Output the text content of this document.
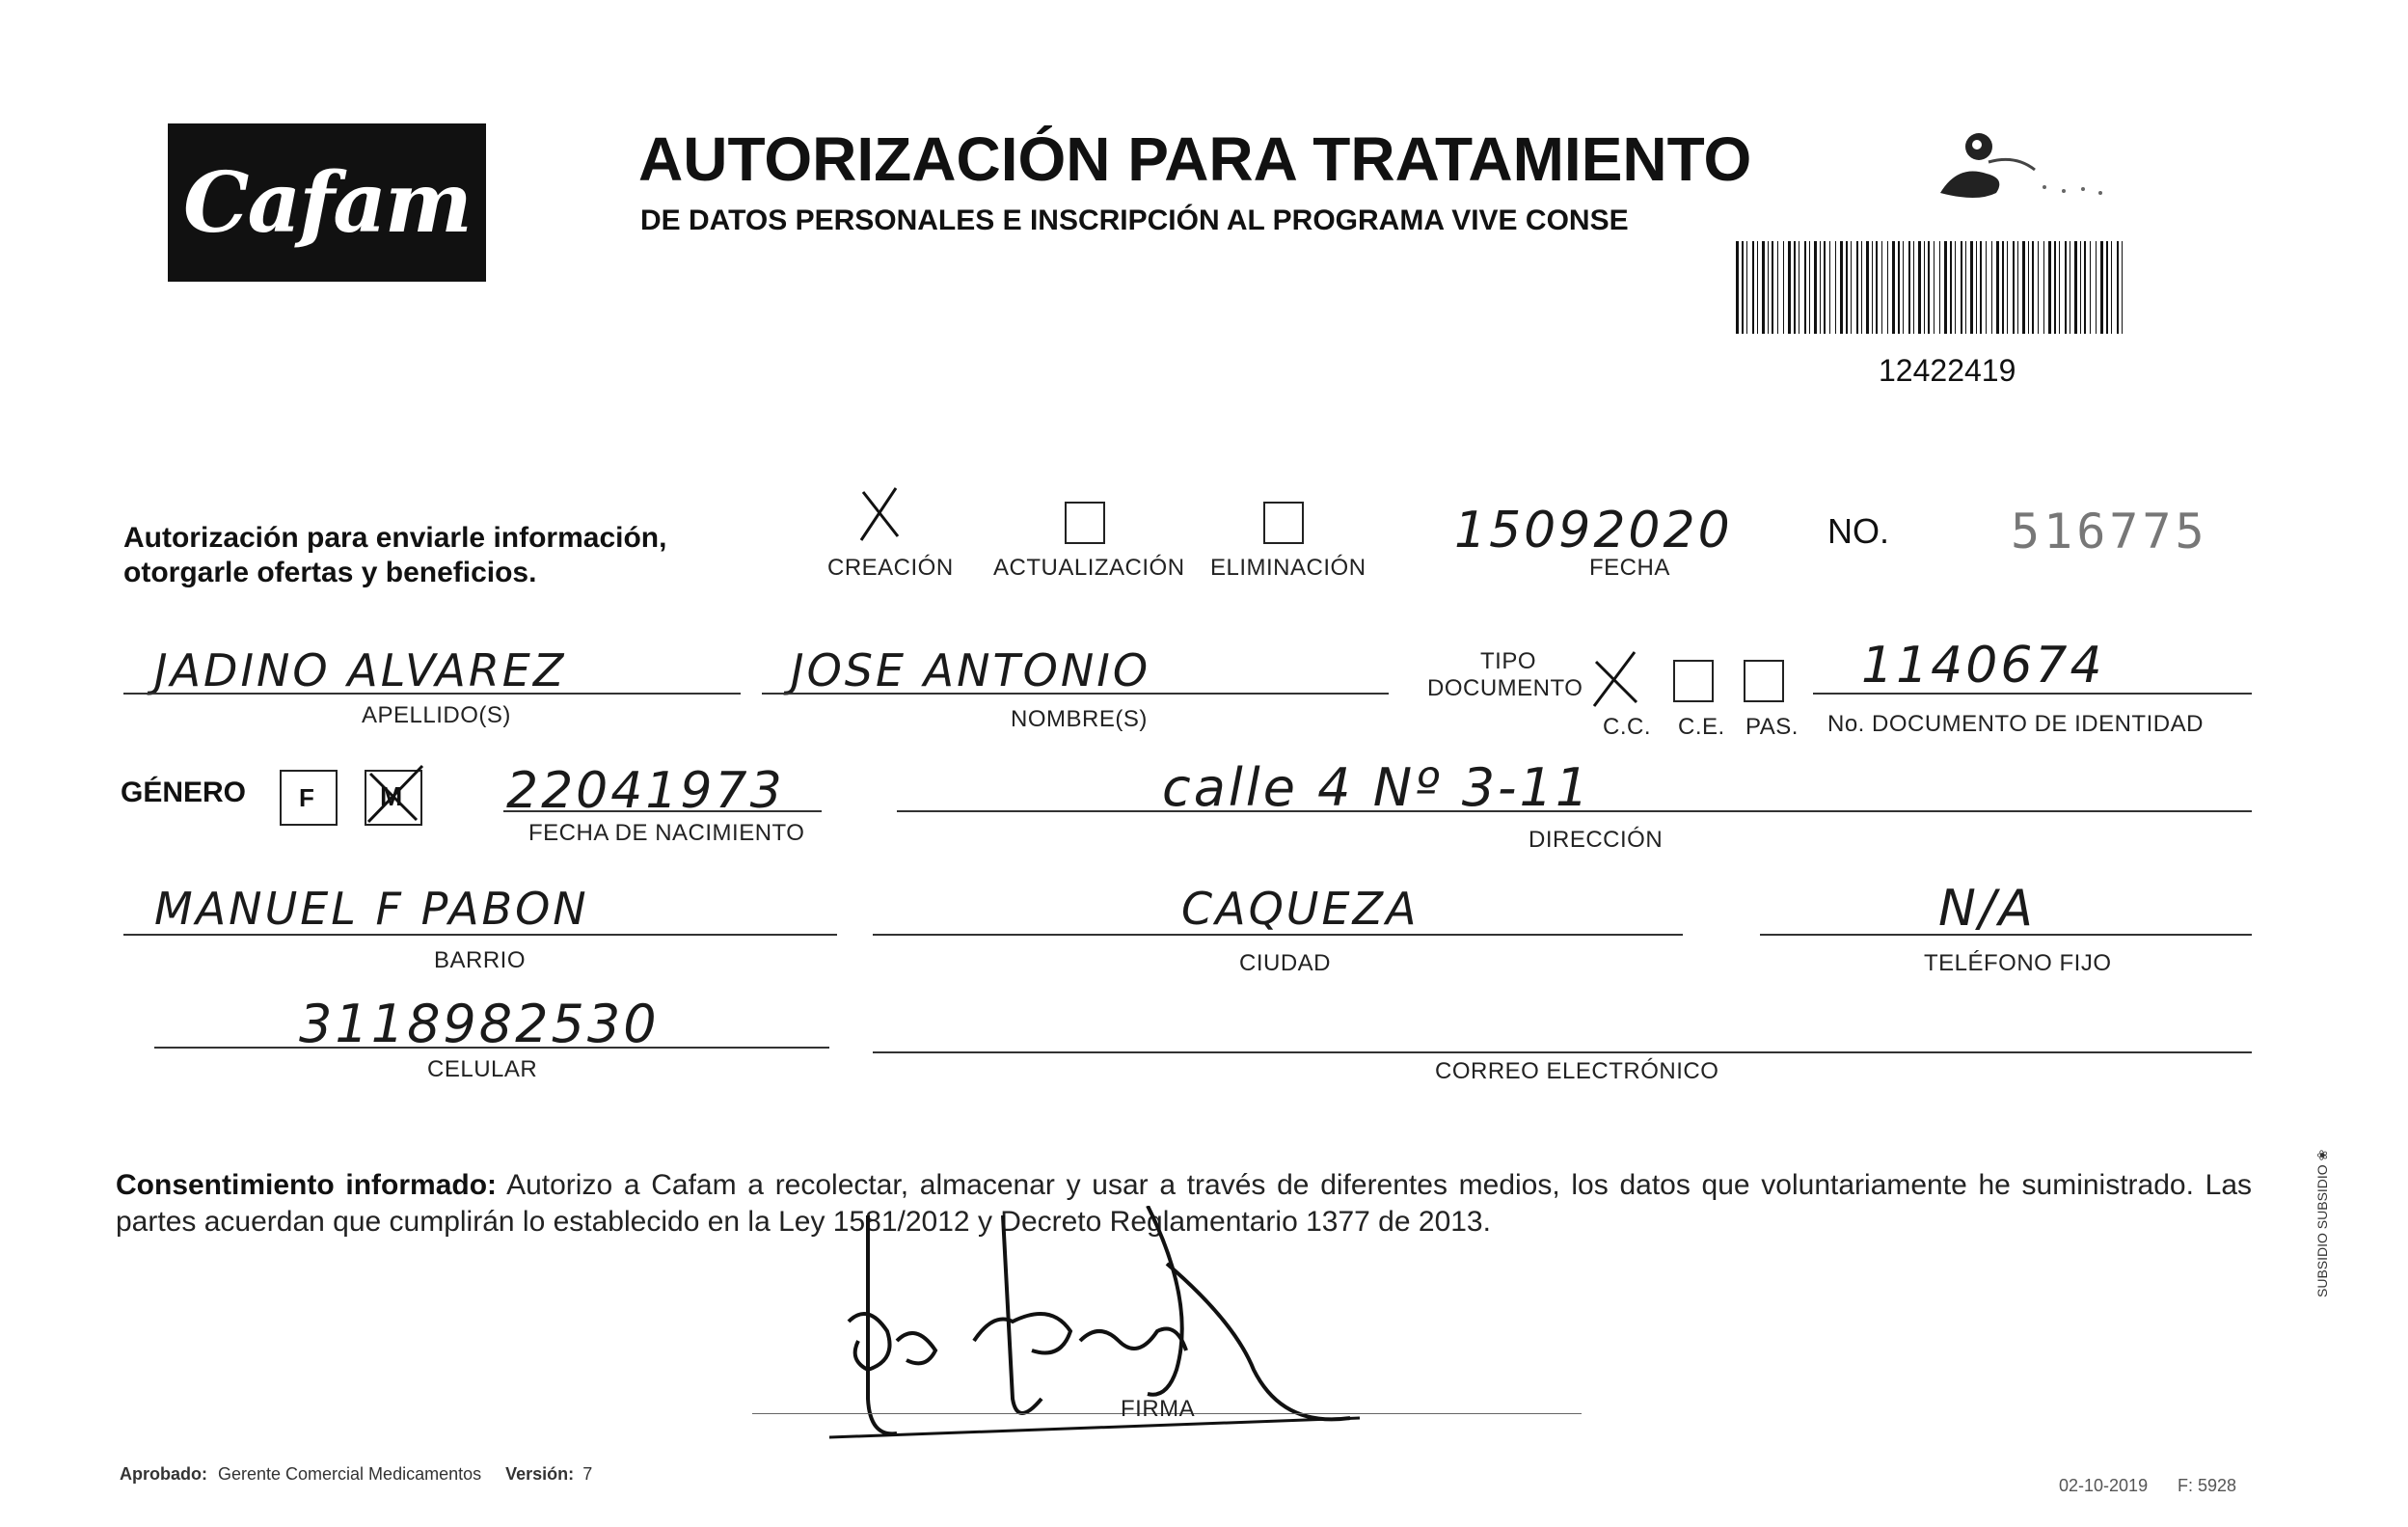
Cafam	AUTORIZACIÓN PARA TRATAMIENTO
DE DATOS PERSONALES E INSCRIPCIÓN AL PROGRAMA VIVE CONSE
12422419
Autorización para enviarle información,
otorgarle ofertas y beneficios.	CREACIÓN ACTUALIZACIÓN ELIMINACIÓN
15092020
FECHA
NO.	516775
JADINO ALVAREZ
APELLIDO(S)
JOSE ANTONIO
NOMBRE(S)
TIPO
DOCUMENTO
C.C. C.E. PAS.
1140674
No. DOCUMENTO DE IDENTIDAD
GÉNERO F M 22041973
FECHA DE NACIMIENTO
calle 4 Nº 3-11
DIRECCIÓN
MANUEL F PABON
BARRIO
CAQUEZA
CIUDAD
N/A
TELÉFONO FIJO
3118982530
CELULAR	CORREO ELECTRÓNICO
Consentimiento informado: Autorizo a Cafam a recolectar, almacenar y usar a través de diferentes medios, los datos que voluntariamente he suministrado. Las partes acuerdan que cumplirán lo establecido en la Ley 1581/2012 y Decreto Reglamentario 1377 de 2013.
FIRMA
Aprobado: Gerente Comercial Medicamentos Versión: 7
02-10-2019 F: 5928
SUBSIDIO SUBSIDIO ❀
